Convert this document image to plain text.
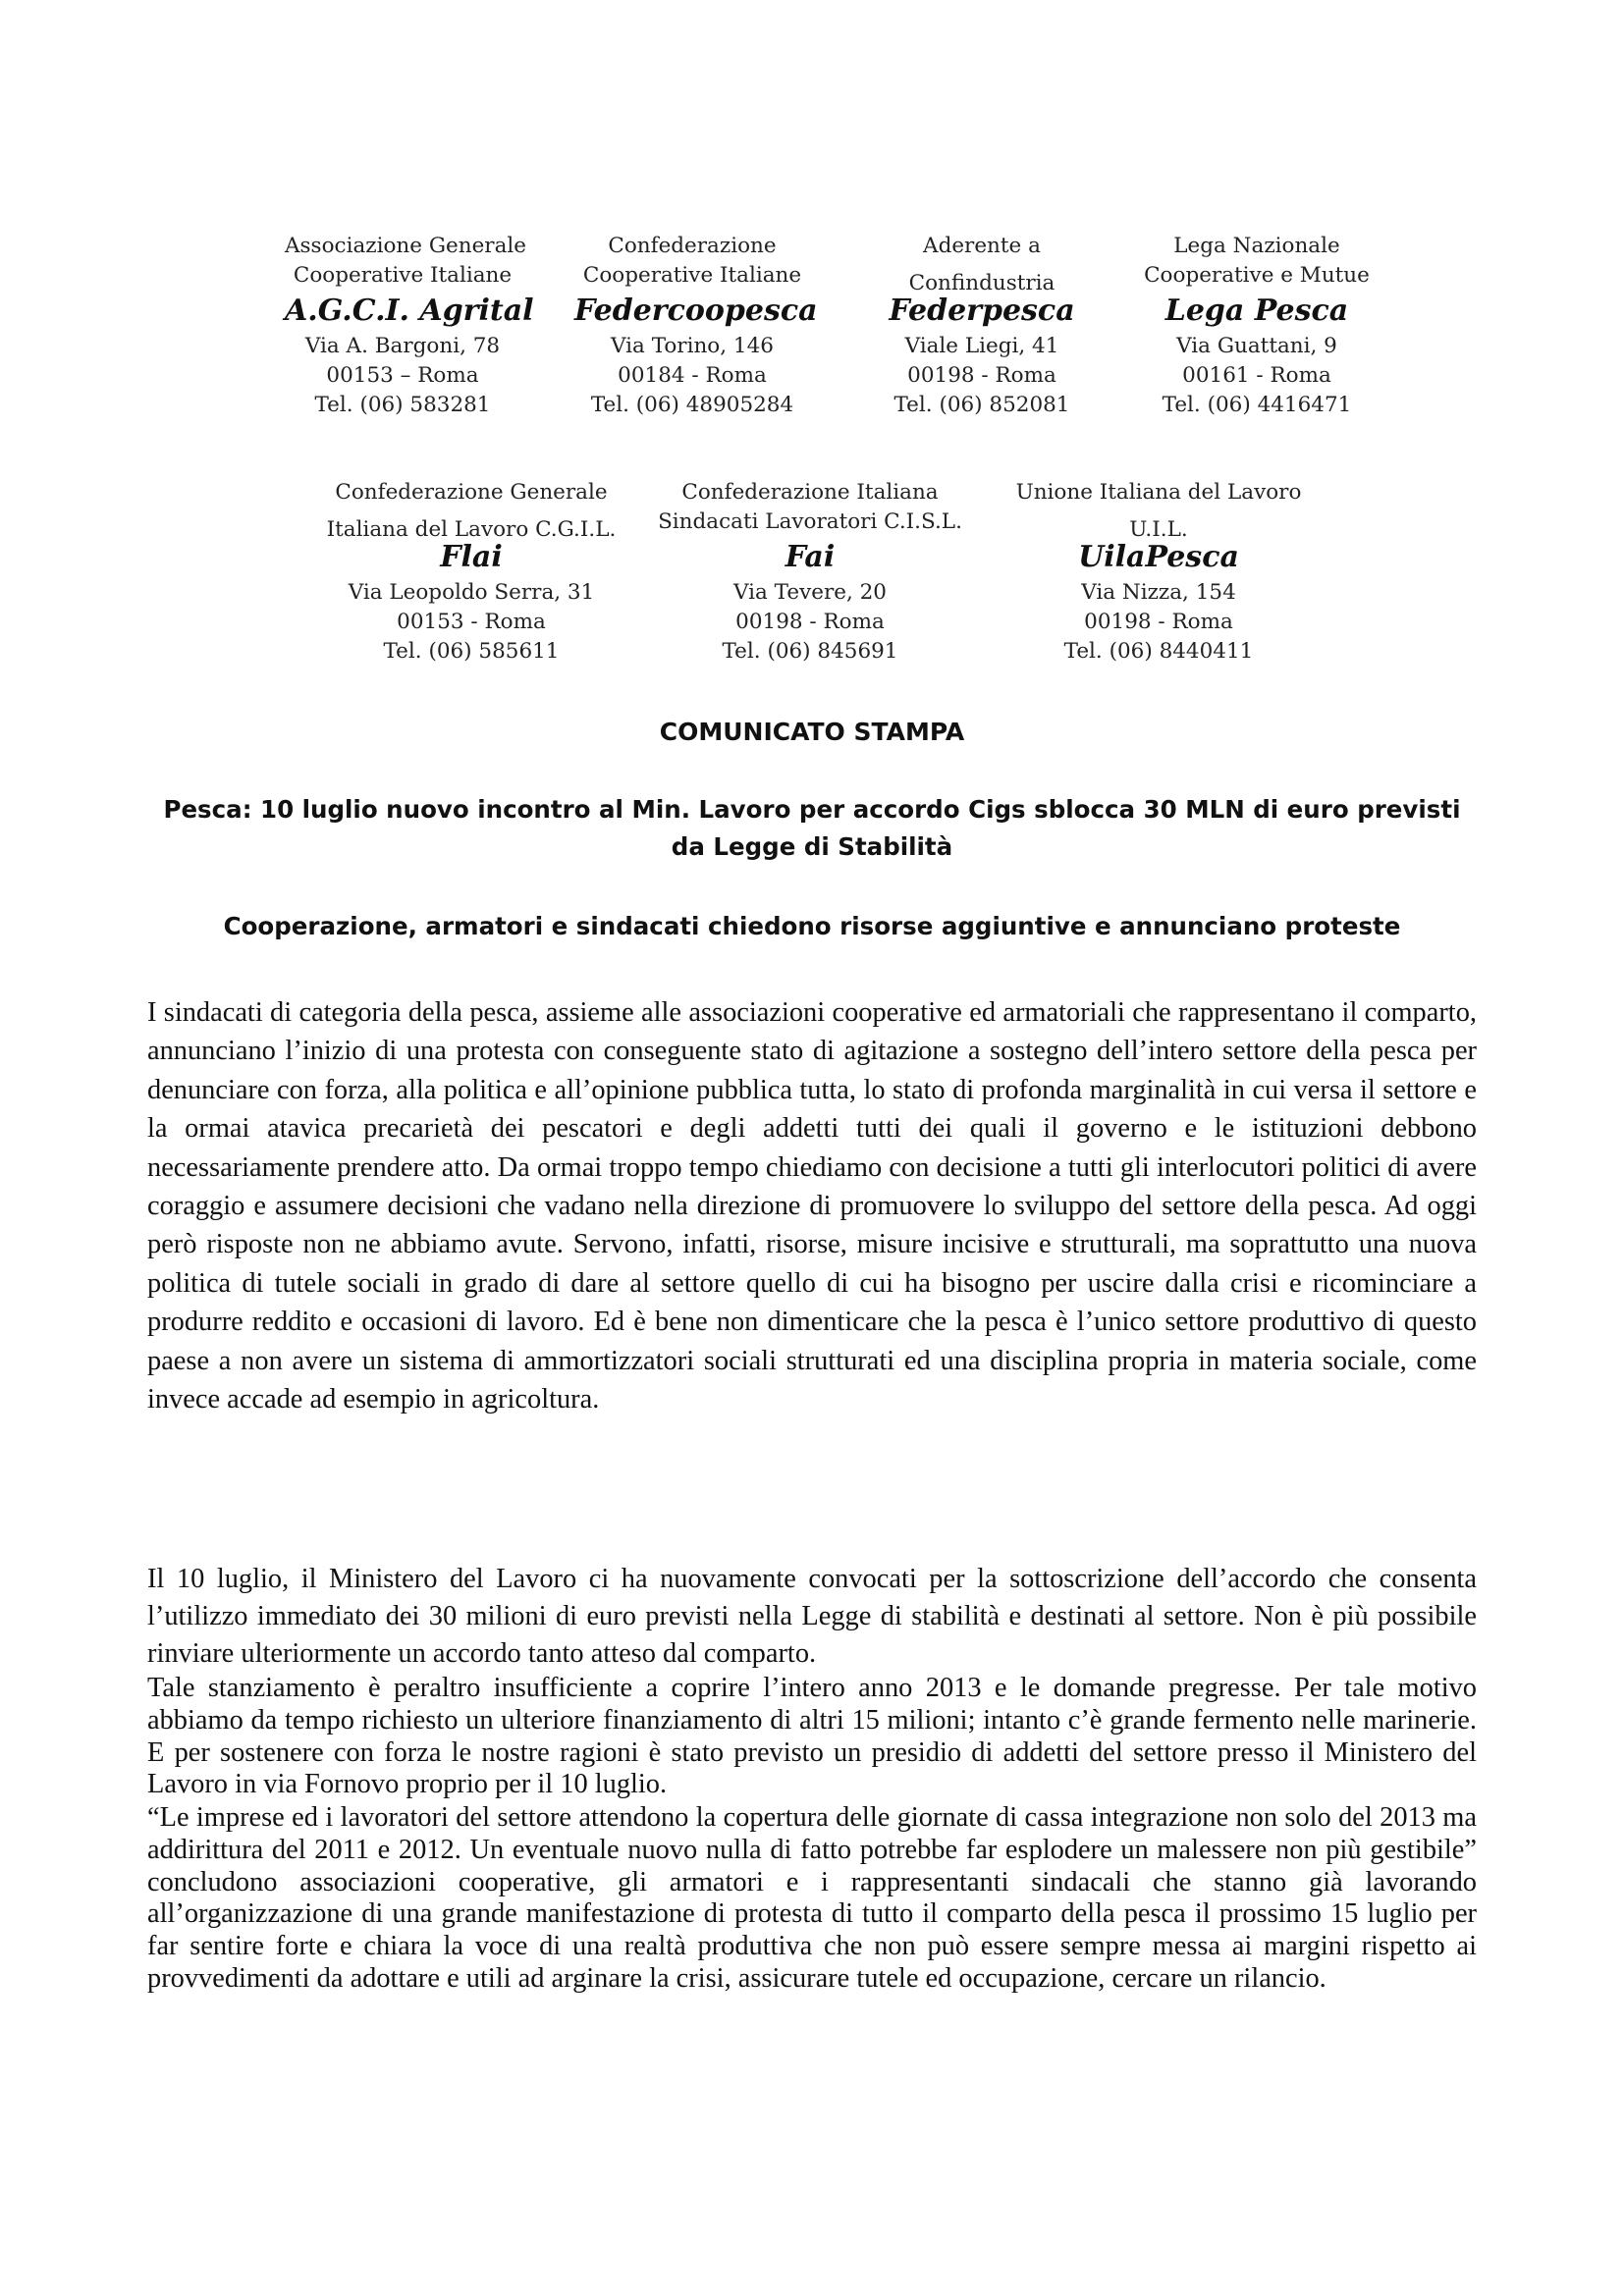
Associazione Generale
Cooperative Italiane
A.G.C.I. Agrital
Via A. Bargoni, 78
00153 – Roma
Tel. (06) 583281
Confederazione
Cooperative Italiane
Federcoopesca
Via Torino, 146
00184 - Roma
Tel. (06) 48905284
Aderente a
Confindustria
Federpesca
Viale Liegi, 41
00198 - Roma
Tel. (06) 852081
Lega Nazionale
Cooperative e Mutue
Lega Pesca
Via Guattani, 9
00161 - Roma
Tel. (06) 4416471
Confederazione Generale
Italiana del Lavoro C.G.I.L.
Flai
Via Leopoldo Serra, 31
00153 - Roma
Tel. (06) 585611
Confederazione Italiana
Sindacati Lavoratori C.I.S.L.
Fai
Via Tevere, 20
00198 - Roma
Tel. (06) 845691
Unione Italiana del Lavoro
U.I.L.
UilaPesca
Via Nizza, 154
00198 - Roma
Tel. (06) 8440411
COMUNICATO STAMPA
Pesca: 10 luglio nuovo incontro al Min. Lavoro per accordo Cigs sblocca 30 MLN di euro previsti da Legge di Stabilità
Cooperazione, armatori e sindacati chiedono risorse aggiuntive e annunciano proteste

I sindacati di categoria della pesca, assieme alle associazioni cooperative ed armatoriali che rappresentano il comparto, annunciano l’inizio di una protesta con conseguente stato di agitazione a sostegno dell’intero settore della pesca per denunciare con forza, alla politica e all’opinione pubblica tutta, lo stato di profonda marginalità in cui versa il settore e la ormai atavica precarietà dei pescatori e degli addetti tutti dei quali il governo e le istituzioni debbono necessariamente prendere atto. Da ormai troppo tempo chiediamo con decisione a tutti gli interlocutori politici di avere coraggio e assumere decisioni che vadano nella direzione di promuovere lo sviluppo del settore della pesca. Ad oggi però risposte non ne abbiamo avute. Servono, infatti, risorse, misure incisive e strutturali, ma soprattutto una nuova politica di tutele sociali in grado di dare al settore quello di cui ha bisogno per uscire dalla crisi e ricominciare a produrre reddito e occasioni di lavoro. Ed è bene non dimenticare che la pesca è l’unico settore produttivo di questo paese a non avere un sistema di ammortizzatori sociali strutturati ed una disciplina propria in materia sociale, come invece accade ad esempio in agricoltura.

Il 10 luglio, il Ministero del Lavoro ci ha nuovamente convocati per la sottoscrizione dell’accordo che consenta l’utilizzo immediato dei 30 milioni di euro previsti nella Legge di stabilità e destinati al settore. Non è più possibile rinviare ulteriormente un accordo tanto atteso dal comparto.

Tale stanziamento è peraltro insufficiente a coprire l’intero anno 2013 e le domande pregresse. Per tale motivo abbiamo da tempo richiesto un ulteriore finanziamento di altri 15 milioni; intanto c’è grande fermento nelle marinerie. E per sostenere con forza le nostre ragioni è stato previsto un presidio di addetti del settore presso il Ministero del Lavoro in via Fornovo proprio per il 10 luglio.

“Le imprese ed i lavoratori del settore attendono la copertura delle giornate di cassa integrazione non solo del 2013 ma addirittura del 2011 e 2012. Un eventuale nuovo nulla di fatto potrebbe far esplodere un malessere non più gestibile” concludono associazioni cooperative, gli armatori e i rappresentanti sindacali che stanno già lavorando all’organizzazione di una grande manifestazione di protesta di tutto il comparto della pesca il prossimo 15 luglio per far sentire forte e chiara la voce di una realtà produttiva che non può essere sempre messa ai margini rispetto ai provvedimenti da adottare e utili ad arginare la crisi, assicurare tutele ed occupazione, cercare un rilancio.
